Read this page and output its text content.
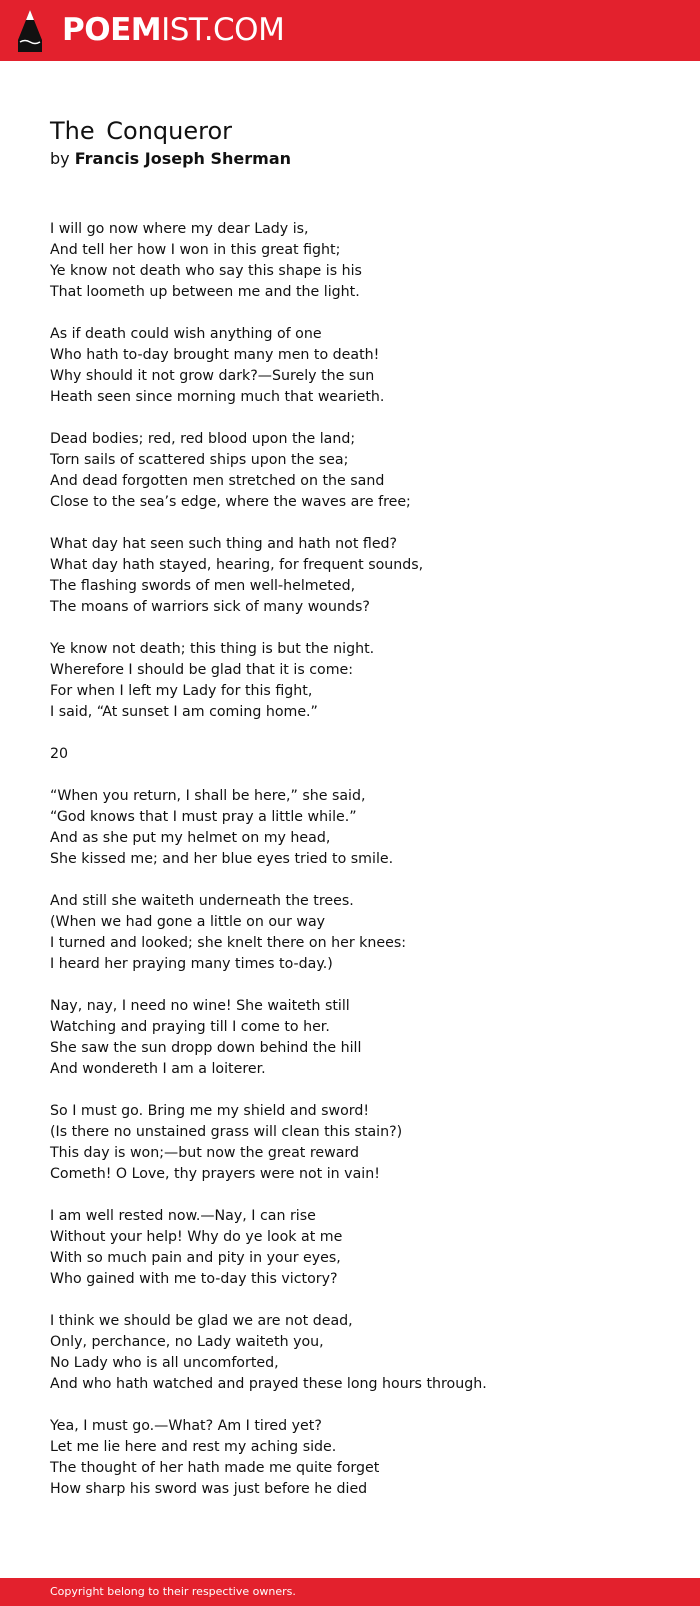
POEMIST.COM
The Conqueror
by Francis Joseph Sherman
I will go now where my dear Lady is,
And tell her how I won in this great fight;
Ye know not death who say this shape is his
That loometh up between me and the light.
As if death could wish anything of one
Who hath to-day brought many men to death!
Why should it not grow dark?—Surely the sun
Heath seen since morning much that wearieth.
Dead bodies; red, red blood upon the land;
Torn sails of scattered ships upon the sea;
And dead forgotten men stretched on the sand
Close to the sea’s edge, where the waves are free;
What day hat seen such thing and hath not fled?
What day hath stayed, hearing, for frequent sounds,
The flashing swords of men well-helmeted,
The moans of warriors sick of many wounds?
Ye know not death; this thing is but the night.
Wherefore I should be glad that it is come:
For when I left my Lady for this fight,
I said, “At sunset I am coming home.”
20
“When you return, I shall be here,” she said,
“God knows that I must pray a little while.”
And as she put my helmet on my head,
She kissed me; and her blue eyes tried to smile.
And still she waiteth underneath the trees.
(When we had gone a little on our way
I turned and looked; she knelt there on her knees:
I heard her praying many times to-day.)
Nay, nay, I need no wine! She waiteth still
Watching and praying till I come to her.
She saw the sun dropp down behind the hill
And wondereth I am a loiterer.
So I must go. Bring me my shield and sword!
(Is there no unstained grass will clean this stain?)
This day is won;—but now the great reward
Cometh! O Love, thy prayers were not in vain!
I am well rested now.—Nay, I can rise
Without your help! Why do ye look at me
With so much pain and pity in your eyes,
Who gained with me to-day this victory?
I think we should be glad we are not dead,
Only, perchance, no Lady waiteth you,
No Lady who is all uncomforted,
And who hath watched and prayed these long hours through.
Yea, I must go.—What? Am I tired yet?
Let me lie here and rest my aching side.
The thought of her hath made me quite forget
How sharp his sword was just before he died
Copyright belong to their respective owners.
